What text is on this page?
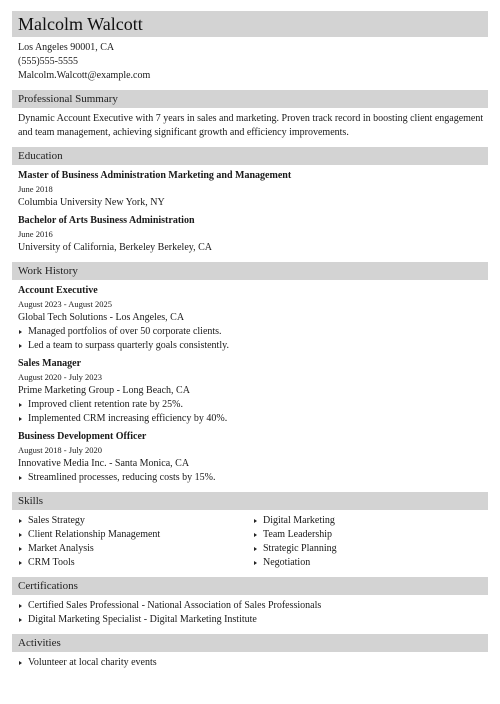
Malcolm Walcott
Los Angeles 90001, CA
(555)555-5555
Malcolm.Walcott@example.com
Professional Summary
Dynamic Account Executive with 7 years in sales and marketing. Proven track record in boosting client engagement and team management, achieving significant growth and efficiency improvements.
Education
Master of Business Administration Marketing and Management
June 2018
Columbia University New York, NY
Bachelor of Arts Business Administration
June 2016
University of California, Berkeley Berkeley, CA
Work History
Account Executive
August 2023 - August 2025
Global Tech Solutions - Los Angeles, CA
Managed portfolios of over 50 corporate clients.
Led a team to surpass quarterly goals consistently.
Sales Manager
August 2020 - July 2023
Prime Marketing Group - Long Beach, CA
Improved client retention rate by 25%.
Implemented CRM increasing efficiency by 40%.
Business Development Officer
August 2018 - July 2020
Innovative Media Inc. - Santa Monica, CA
Streamlined processes, reducing costs by 15%.
Skills
Sales Strategy
Client Relationship Management
Market Analysis
CRM Tools
Digital Marketing
Team Leadership
Strategic Planning
Negotiation
Certifications
Certified Sales Professional - National Association of Sales Professionals
Digital Marketing Specialist - Digital Marketing Institute
Activities
Volunteer at local charity events
